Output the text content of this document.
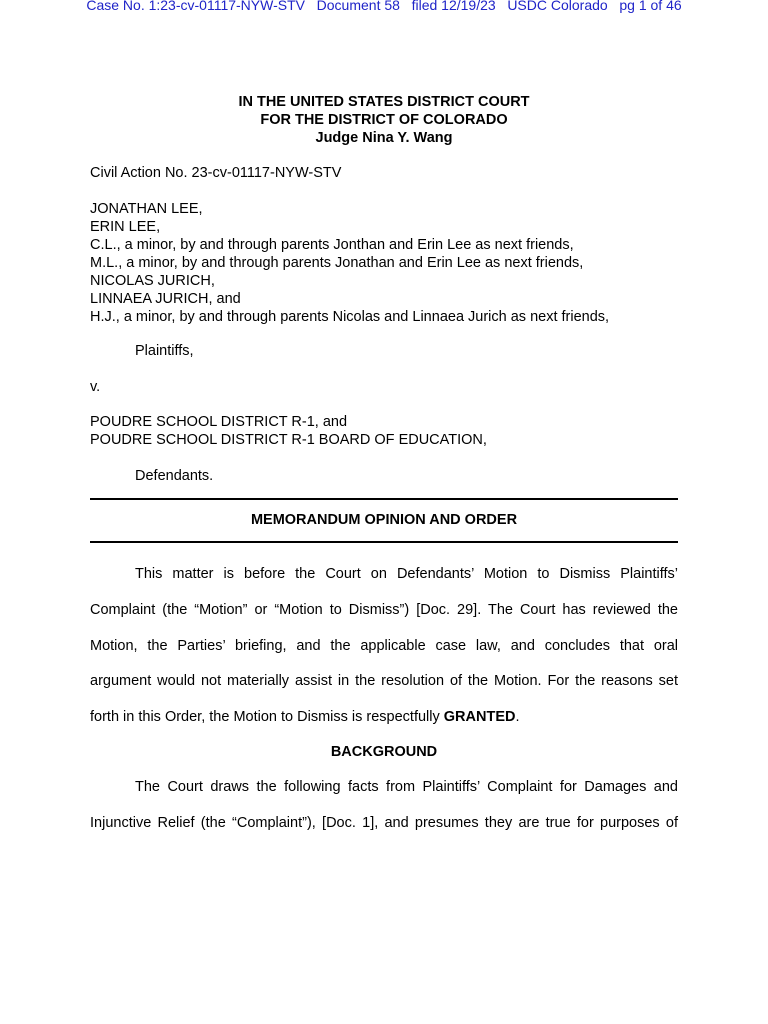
Case No. 1:23-cv-01117-NYW-STV   Document 58   filed 12/19/23   USDC Colorado   pg 1 of 46
IN THE UNITED STATES DISTRICT COURT
FOR THE DISTRICT OF COLORADO
Judge Nina Y. Wang
Civil Action No. 23-cv-01117-NYW-STV
JONATHAN LEE,
ERIN LEE,
C.L., a minor, by and through parents Jonthan and Erin Lee as next friends,
M.L., a minor, by and through parents Jonathan and Erin Lee as next friends,
NICOLAS JURICH,
LINNAEA JURICH, and
H.J., a minor, by and through parents Nicolas and Linnaea Jurich as next friends,
Plaintiffs,
v.
POUDRE SCHOOL DISTRICT R-1, and
POUDRE SCHOOL DISTRICT R-1 BOARD OF EDUCATION,
Defendants.
MEMORANDUM OPINION AND ORDER
This matter is before the Court on Defendants’ Motion to Dismiss Plaintiffs’
Complaint (the “Motion” or “Motion to Dismiss”) [Doc. 29]. The Court has reviewed the
Motion, the Parties’ briefing, and the applicable case law, and concludes that oral
argument would not materially assist in the resolution of the Motion. For the reasons set
forth in this Order, the Motion to Dismiss is respectfully GRANTED.
BACKGROUND
The Court draws the following facts from Plaintiffs’ Complaint for Damages and
Injunctive Relief (the “Complaint”), [Doc. 1], and presumes they are true for purposes of
